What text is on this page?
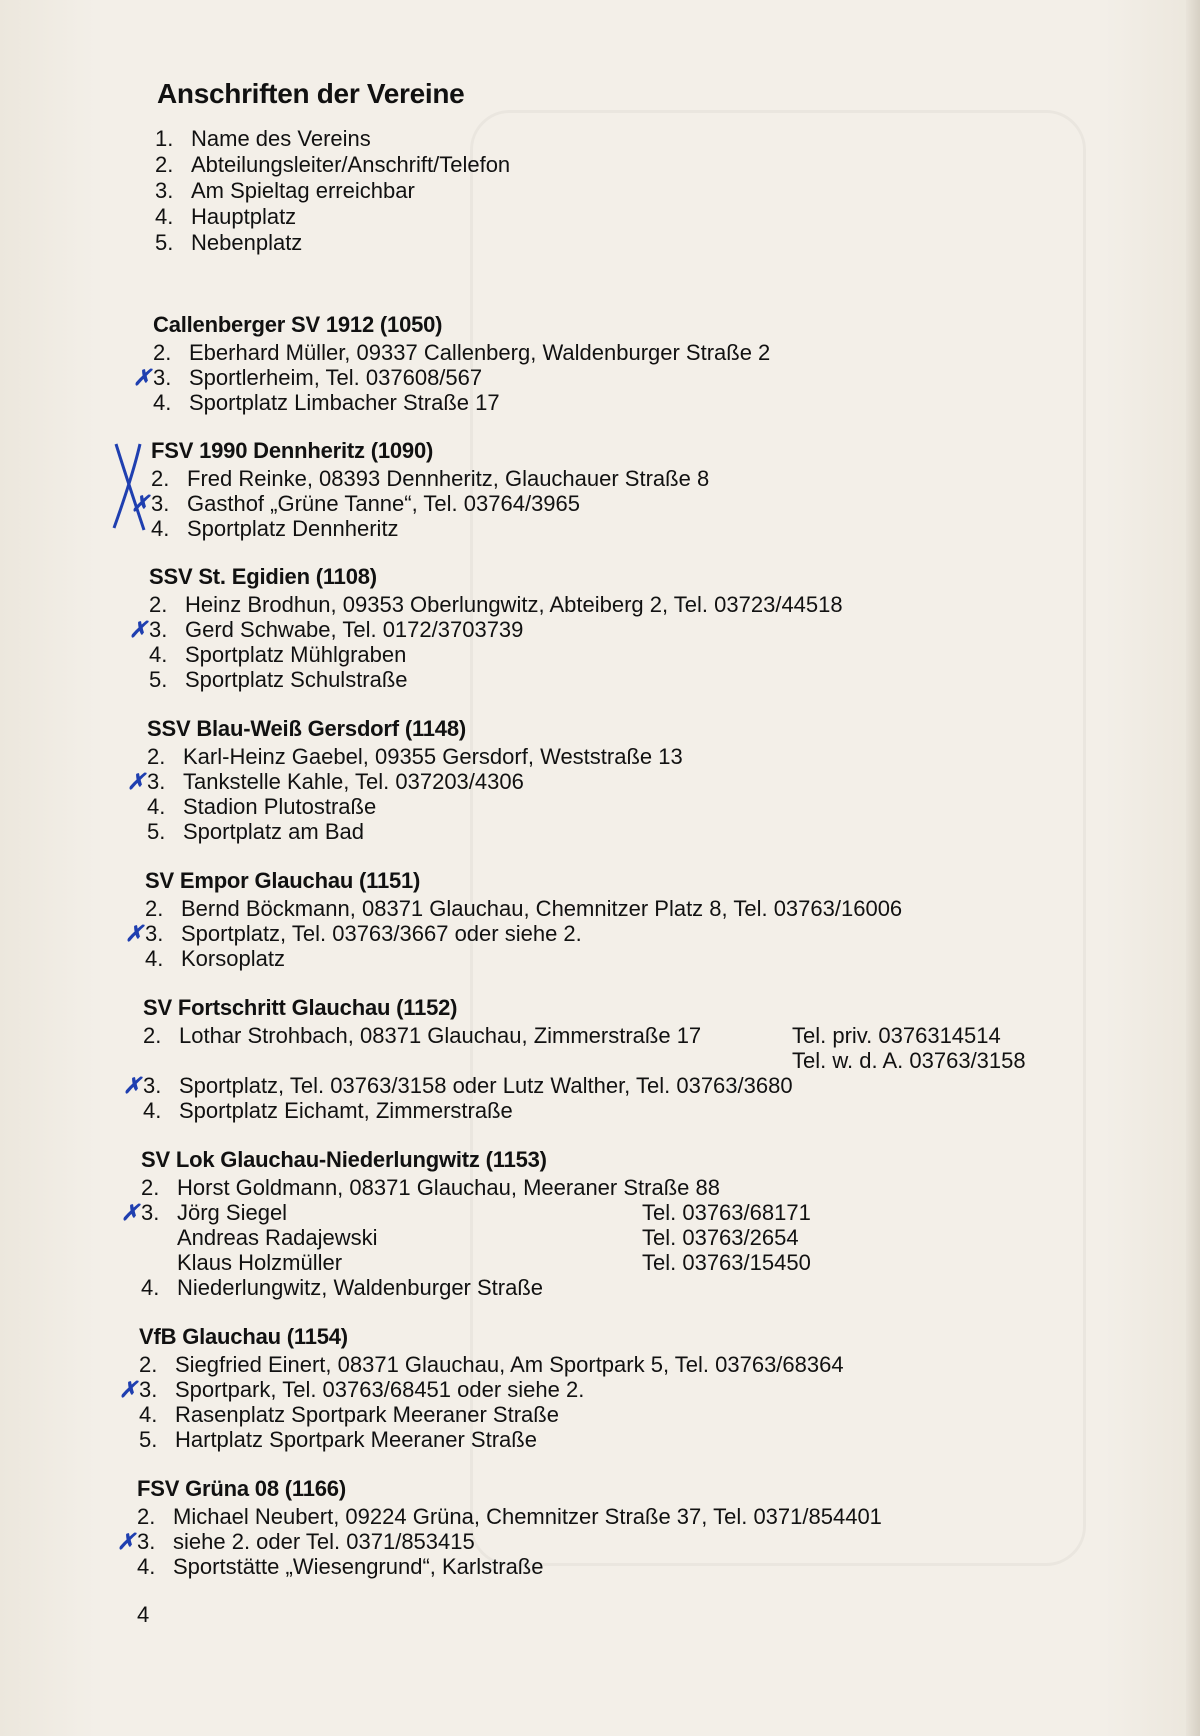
Anschriften der Vereine
1. Name des Vereins
2. Abteilungsleiter/Anschrift/Telefon
3. Am Spieltag erreichbar
4. Hauptplatz
5. Nebenplatz
Callenberger SV 1912 (1050)
2. Eberhard Müller, 09337 Callenberg, Waldenburger Straße 2
✗ 3. Sportlerheim, Tel. 037608/567
4. Sportplatz Limbacher Straße 17
FSV 1990 Dennheritz (1090)
2. Fred Reinke, 08393 Dennheritz, Glauchauer Straße 8
✗ 3. Gasthof „Grüne Tanne“, Tel. 03764/3965
4. Sportplatz Dennheritz
SSV St. Egidien (1108)
2. Heinz Brodhun, 09353 Oberlungwitz, Abteiberg 2, Tel. 03723/44518
✗ 3. Gerd Schwabe, Tel. 0172/3703739
4. Sportplatz Mühlgraben
5. Sportplatz Schulstraße
SSV Blau-Weiß Gersdorf (1148)
2. Karl-Heinz Gaebel, 09355 Gersdorf, Weststraße 13
✗ 3. Tankstelle Kahle, Tel. 037203/4306
4. Stadion Plutostraße
5. Sportplatz am Bad
SV Empor Glauchau (1151)
2. Bernd Böckmann, 08371 Glauchau, Chemnitzer Platz 8, Tel. 03763/16006
✗ 3. Sportplatz, Tel. 03763/3667 oder siehe 2.
4. Korsoplatz
SV Fortschritt Glauchau (1152)
2. Lothar Strohbach, 08371 Glauchau, Zimmerstraße 17
✗ 3. Sportplatz, Tel. 03763/3158 oder Lutz Walther, Tel. 03763/3680
4. Sportplatz Eichamt, Zimmerstraße
Tel. priv. 0376314514
Tel. w. d. A. 03763/3158
SV Lok Glauchau-Niederlungwitz (1153)
2. Horst Goldmann, 08371 Glauchau, Meeraner Straße 88
✗ 3. Jörg Siegel
Andreas Radajewski
Klaus Holzmüller
4. Niederlungwitz, Waldenburger Straße
Tel. 03763/68171
Tel. 03763/2654
Tel. 03763/15450
VfB Glauchau (1154)
2. Siegfried Einert, 08371 Glauchau, Am Sportpark 5, Tel. 03763/68364
✗ 3. Sportpark, Tel. 03763/68451 oder siehe 2.
4. Rasenplatz Sportpark Meeraner Straße
5. Hartplatz Sportpark Meeraner Straße
FSV Grüna 08 (1166)
2. Michael Neubert, 09224 Grüna, Chemnitzer Straße 37, Tel. 0371/854401
✗ 3. siehe 2. oder Tel. 0371/853415
4. Sportstätte „Wiesengrund“, Karlstraße
4
